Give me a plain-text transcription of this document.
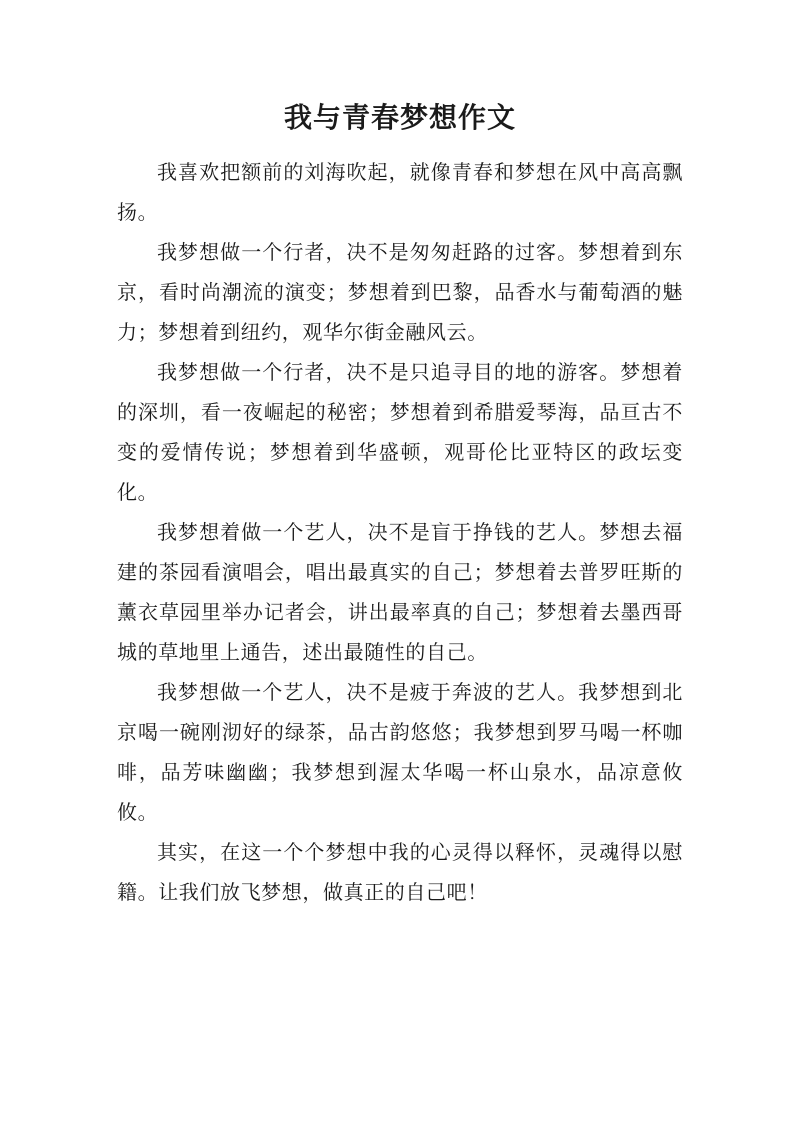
我与青春梦想作文

我喜欢把额前的刘海吹起，就像青春和梦想在风中高高飘扬。

我梦想做一个行者，决不是匆匆赶路的过客。梦想着到东京，看时尚潮流的演变；梦想着到巴黎，品香水与葡萄酒的魅力；梦想着到纽约，观华尔街金融风云。

我梦想做一个行者，决不是只追寻目的地的游客。梦想着的深圳，看一夜崛起的秘密；梦想着到希腊爱琴海，品亘古不变的爱情传说；梦想着到华盛顿，观哥伦比亚特区的政坛变化。

我梦想着做一个艺人，决不是盲于挣钱的艺人。梦想去福建的茶园看演唱会，唱出最真实的自己；梦想着去普罗旺斯的薰衣草园里举办记者会，讲出最率真的自己；梦想着去墨西哥城的草地里上通告，述出最随性的自己。

我梦想做一个艺人，决不是疲于奔波的艺人。我梦想到北京喝一碗刚沏好的绿茶，品古韵悠悠；我梦想到罗马喝一杯咖啡，品芳味幽幽；我梦想到渥太华喝一杯山泉水，品凉意攸攸。

其实，在这一个个梦想中我的心灵得以释怀，灵魂得以慰籍。让我们放飞梦想，做真正的自己吧！
